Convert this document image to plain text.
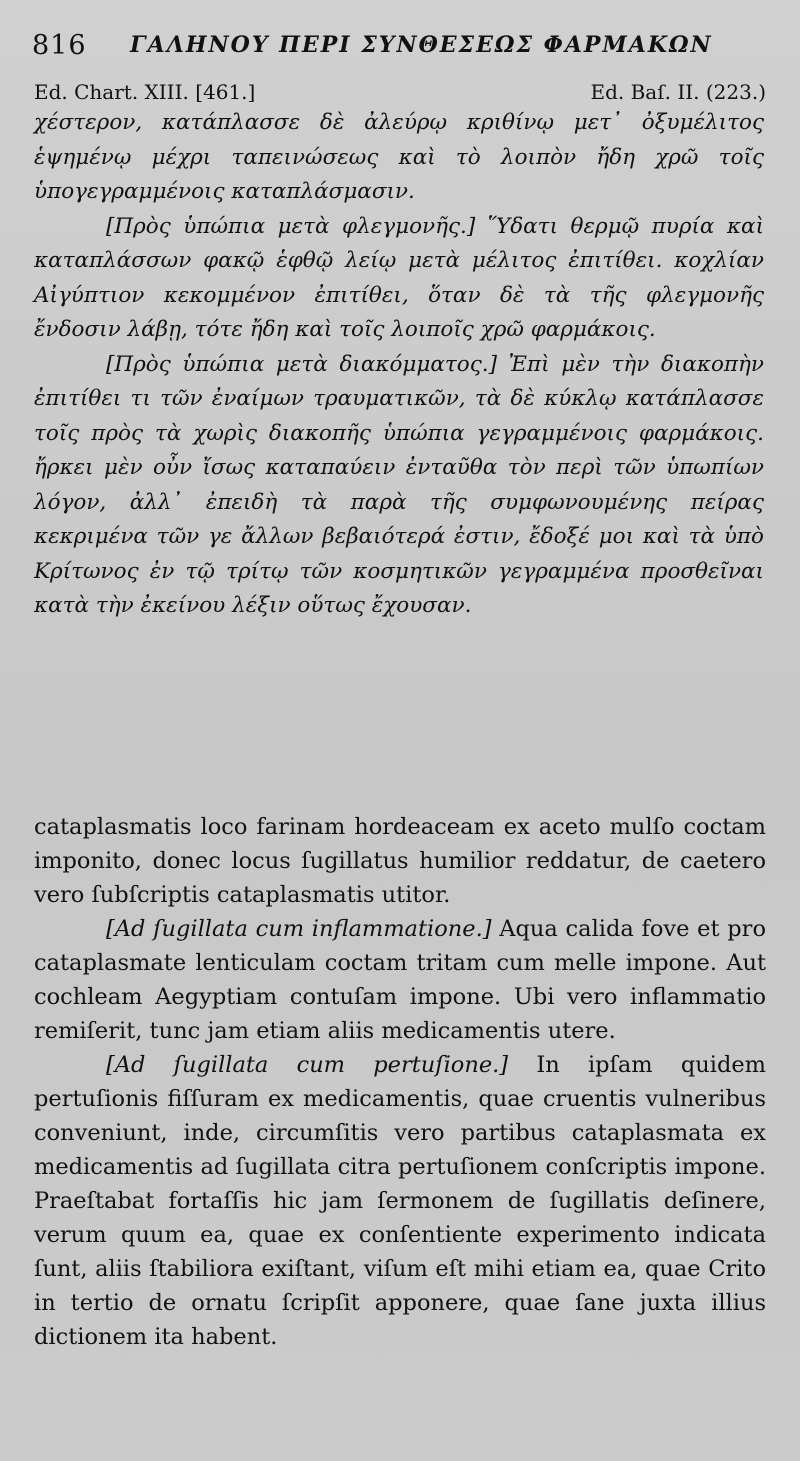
816 ΓΑΛΗΝΟΥ ΠΕΡΙ ΣΥΝΘΕΣΕΩΣ ΦΑΡΜΑΚΩΝ
Ed. Chart. XIII. [461.]	Ed. Baſ. II. (223.)

χέστερον, κατάπλασσε δὲ ἀλεύρῳ κριθίνῳ μετ᾽ ὀξυμέλιτος ἑψημένῳ μέχρι ταπεινώσεως καὶ τὸ λοιπὸν ἤδη χρῶ τοῖς ὑπογεγραμμένοις καταπλάσμασιν.

[Πρὸς ὑπώπια μετὰ φλεγμονῆς.] Ὕδατι θερμῷ πυρία καὶ καταπλάσσων φακῷ ἑφθῷ λείῳ μετὰ μέλιτος ἐπιτίθει. κοχλίαν Αἰγύπτιον κεκομμένον ἐπιτίθει, ὅταν δὲ τὰ τῆς φλεγμονῆς ἔνδοσιν λάβῃ, τότε ἤδη καὶ τοῖς λοιποῖς χρῶ φαρμάκοις.

[Πρὸς ὑπώπια μετὰ διακόμματος.] Ἐπὶ μὲν τὴν διακοπὴν ἐπιτίθει τι τῶν ἐναίμων τραυματικῶν, τὰ δὲ κύκλῳ κατάπλασσε τοῖς πρὸς τὰ χωρὶς διακοπῆς ὑπώπια γεγραμμένοις φαρμάκοις. ἤρκει μὲν οὖν ἴσως καταπαύειν ἐνταῦθα τὸν περὶ τῶν ὑπωπίων λόγον, ἀλλ᾽ ἐπειδὴ τὰ παρὰ τῆς συμφωνουμένης πείρας κεκριμένα τῶν γε ἄλλων βεβαιότερά ἐστιν, ἔδοξέ μοι καὶ τὰ ὑπὸ Κρίτωνος ἐν τῷ τρίτῳ τῶν κοσμητικῶν γεγραμμένα προσθεῖναι κατὰ τὴν ἐκείνου λέξιν οὕτως ἔχουσαν.

cataplasmatis loco farinam hordeaceam ex aceto mulſo coctam imponito, donec locus ſugillatus humilior reddatur, de caetero vero ſubſcriptis cataplasmatis utitor.

[Ad ſugillata cum inflammatione.] Aqua calida fove et pro cataplasmate lenticulam coctam tritam cum melle impone. Aut cochleam Aegyptiam contuſam impone. Ubi vero inflammatio remiſerit, tunc jam etiam aliis medicamentis utere.

[Ad ſugillata cum pertuſione.] In ipſam quidem pertuſionis fiſſuram ex medicamentis, quae cruentis vulneribus conveniunt, inde, circumſitis vero partibus cataplasmata ex medicamentis ad ſugillata citra pertuſionem conſcriptis impone. Praeſtabat fortaſſis hic jam ſermonem de ſugillatis deſinere, verum quum ea, quae ex conſentiente experimento indicata ſunt, aliis ſtabiliora exiſtant, viſum eſt mihi etiam ea, quae Crito in tertio de ornatu ſcripſit apponere, quae ſane juxta illius dictionem ita habent.
